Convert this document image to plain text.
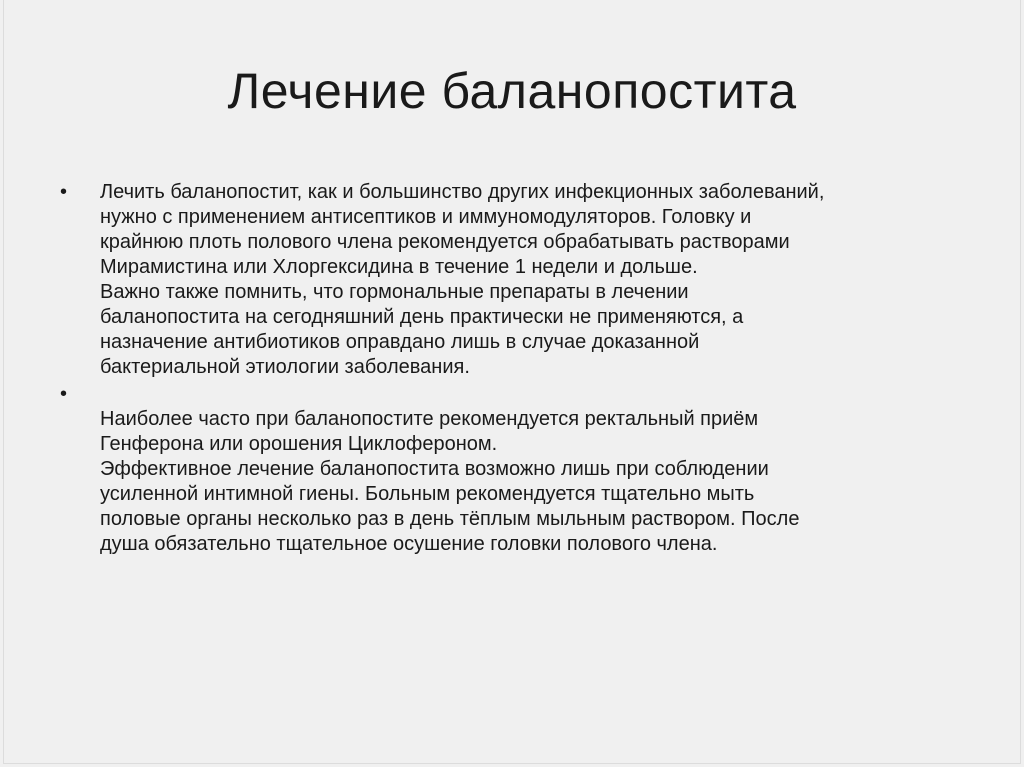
Лечение баланопостита
• Лечить баланопостит, как и большинство других инфекционных заболеваний,
нужно с применением антисептиков и иммуномодуляторов. Головку и
крайнюю плоть полового члена рекомендуется обрабатывать растворами
Мирамистина или Хлоргексидина в течение 1 недели и дольше.
Важно также помнить, что гормональные препараты в лечении
баланопостита на сегодняшний день практически не применяются, а
назначение антибиотиков оправдано лишь в случае доказанной
бактериальной этиологии заболевания.
•
Наиболее часто при баланопостите рекомендуется ректальный приём
Генферона или орошения Циклофероном.
Эффективное лечение баланопостита возможно лишь при соблюдении
усиленной интимной гиены. Больным рекомендуется тщательно мыть
половые органы несколько раз в день тёплым мыльным раствором. После
душа обязательно тщательное осушение головки полового члена.
